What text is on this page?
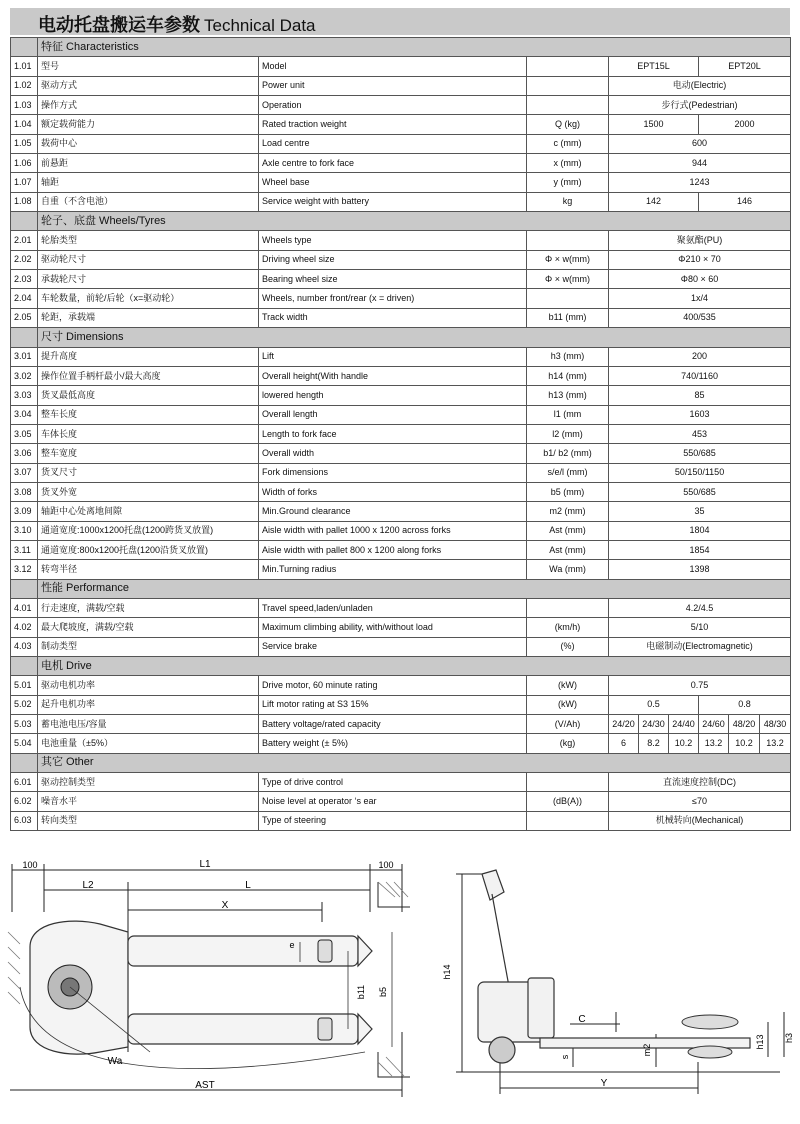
电动托盘搬运车参数 Technical Data
	特征 Characteristics								
1.01	型号	Model		EPT15L			EPT20L		
1.02	驱动方式	Power unit		电动(Electric)					
1.03	操作方式	Operation		步行式(Pedestrian)					
1.04	额定载荷能力	Rated traction weight	Q (kg)	1500			2000		
1.05	载荷中心	Load centre	c (mm)	600					
1.06	前悬距	Axle centre to fork face	x (mm)	944					
1.07	轴距	Wheel base	y (mm)	1243					
1.08	自重（不含电池）	Service weight with battery	kg	142			146		
	轮子、底盘 Wheels/Tyres								
2.01	轮胎类型	Wheels type		聚氨酯(PU)					
2.02	驱动轮尺寸	Driving wheel size	Φ × w(mm)	Φ210 × 70					
2.03	承载轮尺寸	Bearing wheel size	Φ × w(mm)	Φ80 × 60					
2.04	车轮数量，前轮/后轮（x=驱动轮）	Wheels, number front/rear (x = driven)		1x/4					
2.05	轮距，承载端	Track width	b11 (mm)	400/535					
	尺寸 Dimensions								
3.01	提升高度	Lift	h3 (mm)	200					
3.02	操作位置手柄杆最小/最大高度	Overall height(With handle	h14 (mm)	740/1160					
3.03	货叉最低高度	lowered hength	h13 (mm)	85					
3.04	整车长度	Overall length	l1 (mm	1603					
3.05	车体长度	Length to fork face	l2 (mm)	453					
3.06	整车宽度	Overall width	b1/ b2 (mm)	550/685					
3.07	货叉尺寸	Fork dimensions	s/e/l (mm)	50/150/1150					
3.08	货叉外宽	Width of forks	b5 (mm)	550/685					
3.09	轴距中心处离地间隙	Min.Ground clearance	m2 (mm)	35					
3.10	通道宽度:1000x1200托盘(1200跨货叉放置)	Aisle width with pallet 1000 x 1200 across forks	Ast (mm)	1804					
3.11	通道宽度:800x1200托盘(1200沿货叉放置)	Aisle width with pallet 800 x 1200 along forks	Ast (mm)	1854					
3.12	转弯半径	Min.Turning radius	Wa (mm)	1398					
	性能 Performance								
4.01	行走速度，满载/空载	Travel speed,laden/unladen		4.2/4.5					
4.02	最大爬坡度，满载/空载	Maximum climbing ability, with/without load	(km/h)	5/10					
4.03	制动类型	Service brake	(%)	电磁制动(Electromagnetic)					
	电机 Drive								
5.01	驱动电机功率	Drive motor, 60 minute rating	(kW)	0.75					
5.02	起升电机功率	Lift motor rating at S3 15%	(kW)	0.5			0.8		
5.03	蓄电池电压/容量	Battery voltage/rated capacity	(V/Ah)	24/20	24/30	24/40	24/60	48/20	48/30
5.04	电池重量（±5%）	Battery weight (± 5%)	(kg)	6	8.2	10.2	13.2	10.2	13.2
	其它 Other								
6.01	驱动控制类型	Type of drive control		直流速度控制(DC)					
6.02	噪音水平	Noise level at operator ‘s ear	(dB(A))	≤70					
6.03	转向类型	Type of steering		机械转向(Mechanical)					
100	100
L1
L2	L
X
e
b11 b5
Wa
AST
h14
C
s
m2
h13 h3
Y
